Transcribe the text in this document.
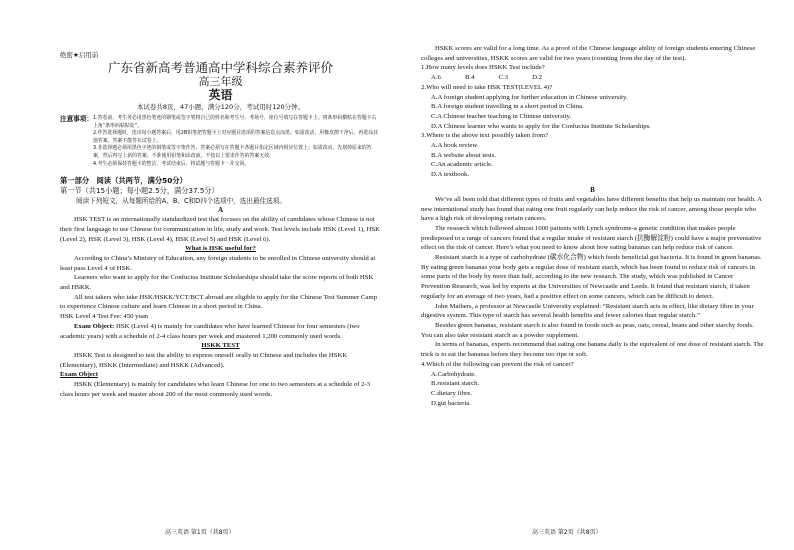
绝密★启用前

广东省新高考普通高中学科综合素养评价

高三年级

英语

本试卷共8页，47小题，满分120分，考试用时120分钟。

注意事项： 1.答卷前，考生务必用黑色笔迹的钢笔或签字笔将自己的姓名和考生号、考场号、座位号填写在答题卡上。将条形码横贴在答题卡右上角“条形码粘贴处”。

2.作答选择题时，选出每小题答案后，用2B铅笔把答题卡上对应题目选项的答案信息点涂黑；如需改动，用橡皮擦干净后，再选涂其他答案。答案不能答在试卷上。

3.非选择题必须用黑色字迹的钢笔或签字笔作答，答案必须写在答题卡各题目指定区域内相应位置上；如需改动，先划掉原来的答案，然后再写上新的答案；不准使用铅笔和涂改液。不按以上要求作答的答案无效。

4.考生必须保持答题卡的整洁，考试结束后，将试题与答题卡一并交回。

第一部分　阅读（共两节，满分50分）

第一节（共15小题；每小题2.5分，满分37.5分）

阅读下列短文，从每题所给的A、B、C和D四个选项中，选出最佳选项。

A

HSK TEST is an internationally standardized test that focuses on the ability of candidates whose Chinese is not their first language to use Chinese for communication in life, study and work. Test levels include HSK (Level 1), HSK (Level 2), HSK (Level 3), HSK (Level 4), HSK (Level 5) and HSK (Level 6).

What is HSK useful for?

According to China’s Ministry of Education, any foreign students to be enrolled in Chinese university should at least pass Level 4 of HSK.

Learners who want to apply for the Confucius Institute Scholarships should take the score reports of both HSK and HSKK.

All test takers who take HSK/HSKK/YCT/BCT abroad are eligible to apply for the Chinese Test Summer Camp to experience Chinese culture and learn Chinese in a short period in China.

HSK Level 4 Test Fee: 450 yuan

Exam Object: HSK (Level 4) is mainly for candidates who have learned Chinese for four semesters (two academic years) with a schedule of 2-4 class hours per week and mastered 1,200 commonly used words.

HSKK TEST

HSKK Test is designed to test the ability to express oneself orally in Chinese and includes the HSKK (Elementary), HSKK (Intermediate) and HSKK (Advanced).

Exam Object

HSKK (Elementary) is mainly for candidates who learn Chinese for one to two semesters at a schedule of 2-3 class hours per week and master about 200 of the most commonly used words.

HSKK scores are valid for a long time. As a proof of the Chinese language ability of foreign students entering Chinese colleges and universities, HSKK scores are valid for two years (counting from the day of the test).

1.How many levels does HSKK Test include?

A.6	B.4	C.3	D.2

2.Who will need to take HSK TEST(LEVEL 4)?

A.A foreign student applying for further education in Chinese university.

B.A foreign student travelling in a short period in China.

C.A Chinese teacher teaching in Chinese university.

D.A Chinese learner who wants to apply for the Confucius Institute Scholarships.

3.Where is the above text possibly taken from?

A.A book review.

B.A website about tests.

C.An academic article.

D.A textbook.

B

We’ve all been told that different types of fruits and vegetables have different benefits that help us maintain our health. A new international study has found that eating one fruit regularly can help reduce the risk of cancer, among those people who have a high risk of developing certain cancers.

The research which followed almost 1000 patients with Lynch syndrome-a genetic condition that makes people predisposed to a range of cancers found that a regular intake of resistant starch (抗酶解淀粉) could have a major preventative effect on the risk of cancer. Here’s what you need to know about how eating bananas can help reduce risk of cancer.

Resistant starch is a type of carbohydrate (碳水化合物) which feeds beneficial gut bacteria. It is found in green bananas. By eating green bananas your body gets a regular dose of resistant starch, which has been found to reduce risk of cancers in some parts of the body by more than half, according to the new research. The study, which was published in Cancer Prevention Research, was led by experts at the Universities of Newcastle and Leeds. It found that resistant starch, if taken regularly for an average of two years, had a positive effect on some cancers, which can be difficult to detect.

John Mathers, a professor at Newcastle University explained: “Resistant starch acts in effect, like dietary fibre in your digestive system. This type of starch has several health benefits and fewer calories than regular starch.”

Besides green bananas, resistant starch is also found in foods such as peas, oats, cereal, beans and other starchy foods. You can also take resistant starch as a powder supplement.

In terms of bananas, experts recommend that eating one banana daily is the equivalent of one dose of resistant starch. The trick is to eat the bananas before they become too ripe or soft.

4.Which of the following can prevent the risk of cancer?

A.Carbohydrate.

B.resistant starch.

C.dietary fibre.

D.gut bacteria.

高三英语 第1页（共8页）	高三英语 第2页（共8页）
